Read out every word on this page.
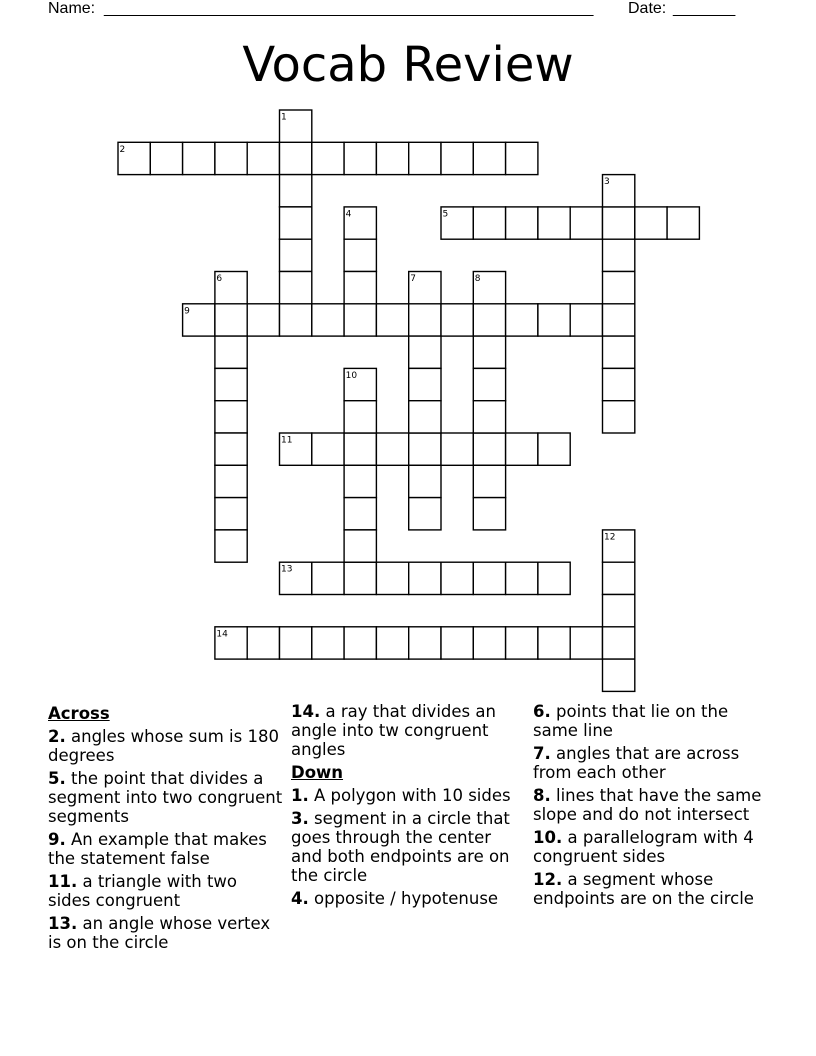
Name: _______________________________________________________ Date: _______
Vocab Review
2
5
9
11
13
14
1
3
4
6	7	8
10
12
Across
2. angles whose sum is 180 degrees
5. the point that divides a segment into two congruent segments
9. An example that makes the statement false
11. a triangle with two sides congruent
13. an angle whose vertex is on the circle
14. a ray that divides an angle into tw congruent angles
Down
1. A polygon with 10 sides
3. segment in a circle that goes through the center and both endpoints are on the circle
4. opposite / hypotenuse
6. points that lie on the same line
7. angles that are across from each other
8. lines that have the same slope and do not intersect
10. a parallelogram with 4 congruent sides
12. a segment whose endpoints are on the circle
